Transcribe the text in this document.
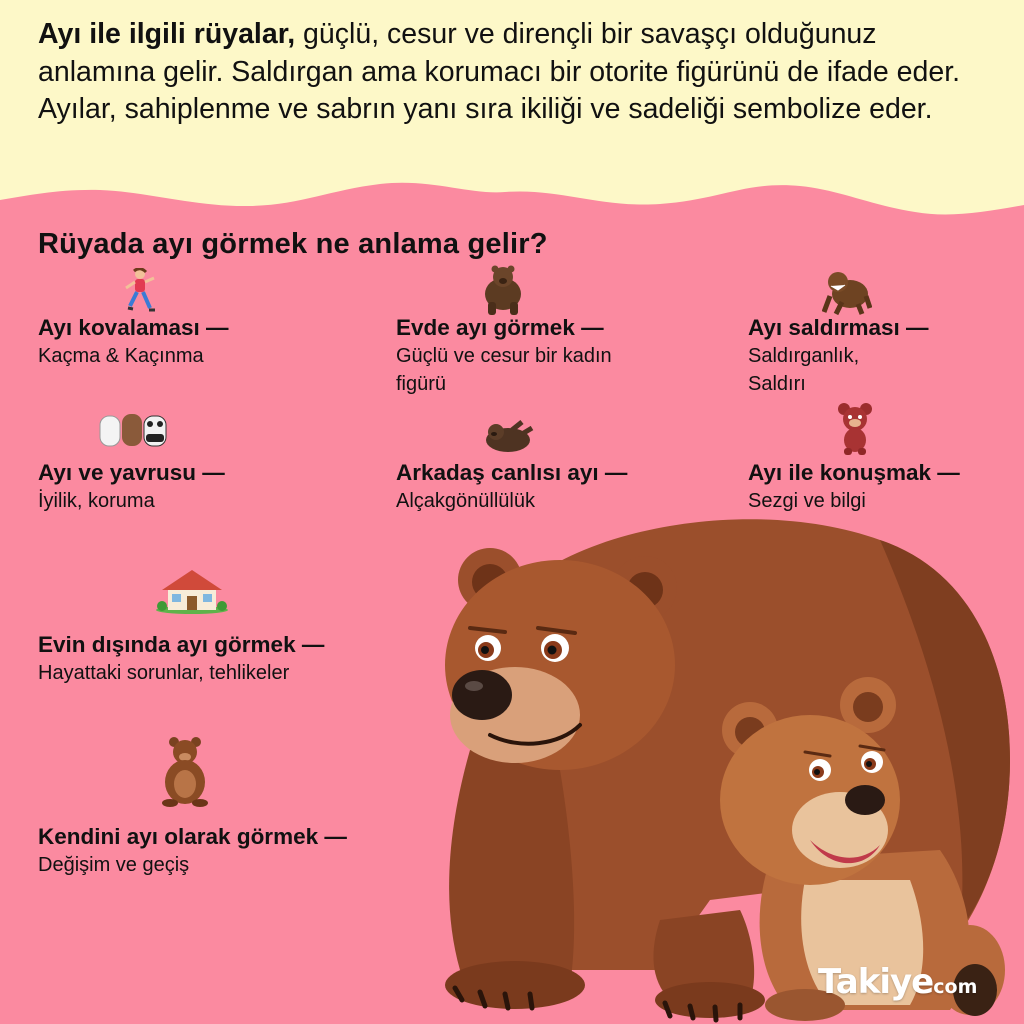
Ayı ile ilgili rüyalar, güçlü, cesur ve dirençli bir savaşçı olduğunuz anlamına gelir. Saldırgan ama korumacı bir otorite figürünü de ifade eder. Ayılar, sahiplenme ve sabrın yanı sıra ikiliği ve sadeliği sembolize eder.

Rüyada ayı görmek ne anlama gelir?
Ayı kovalaması —
Kaçma & Kaçınma
Evde ayı görmek —
Güçlü ve cesur bir kadın figürü
Ayı saldırması —
Saldırganlık, Saldırı
Ayı ve yavrusu —
İyilik, koruma
Arkadaş canlısı ayı —
Alçakgönüllülük
Ayı ile konuşmak —
Sezgi ve bilgi
Evin dışında ayı görmek —
Hayattaki sorunlar, tehlikeler
Kendini ayı olarak görmek —
Değişim ve geçiş
Takiyecom
